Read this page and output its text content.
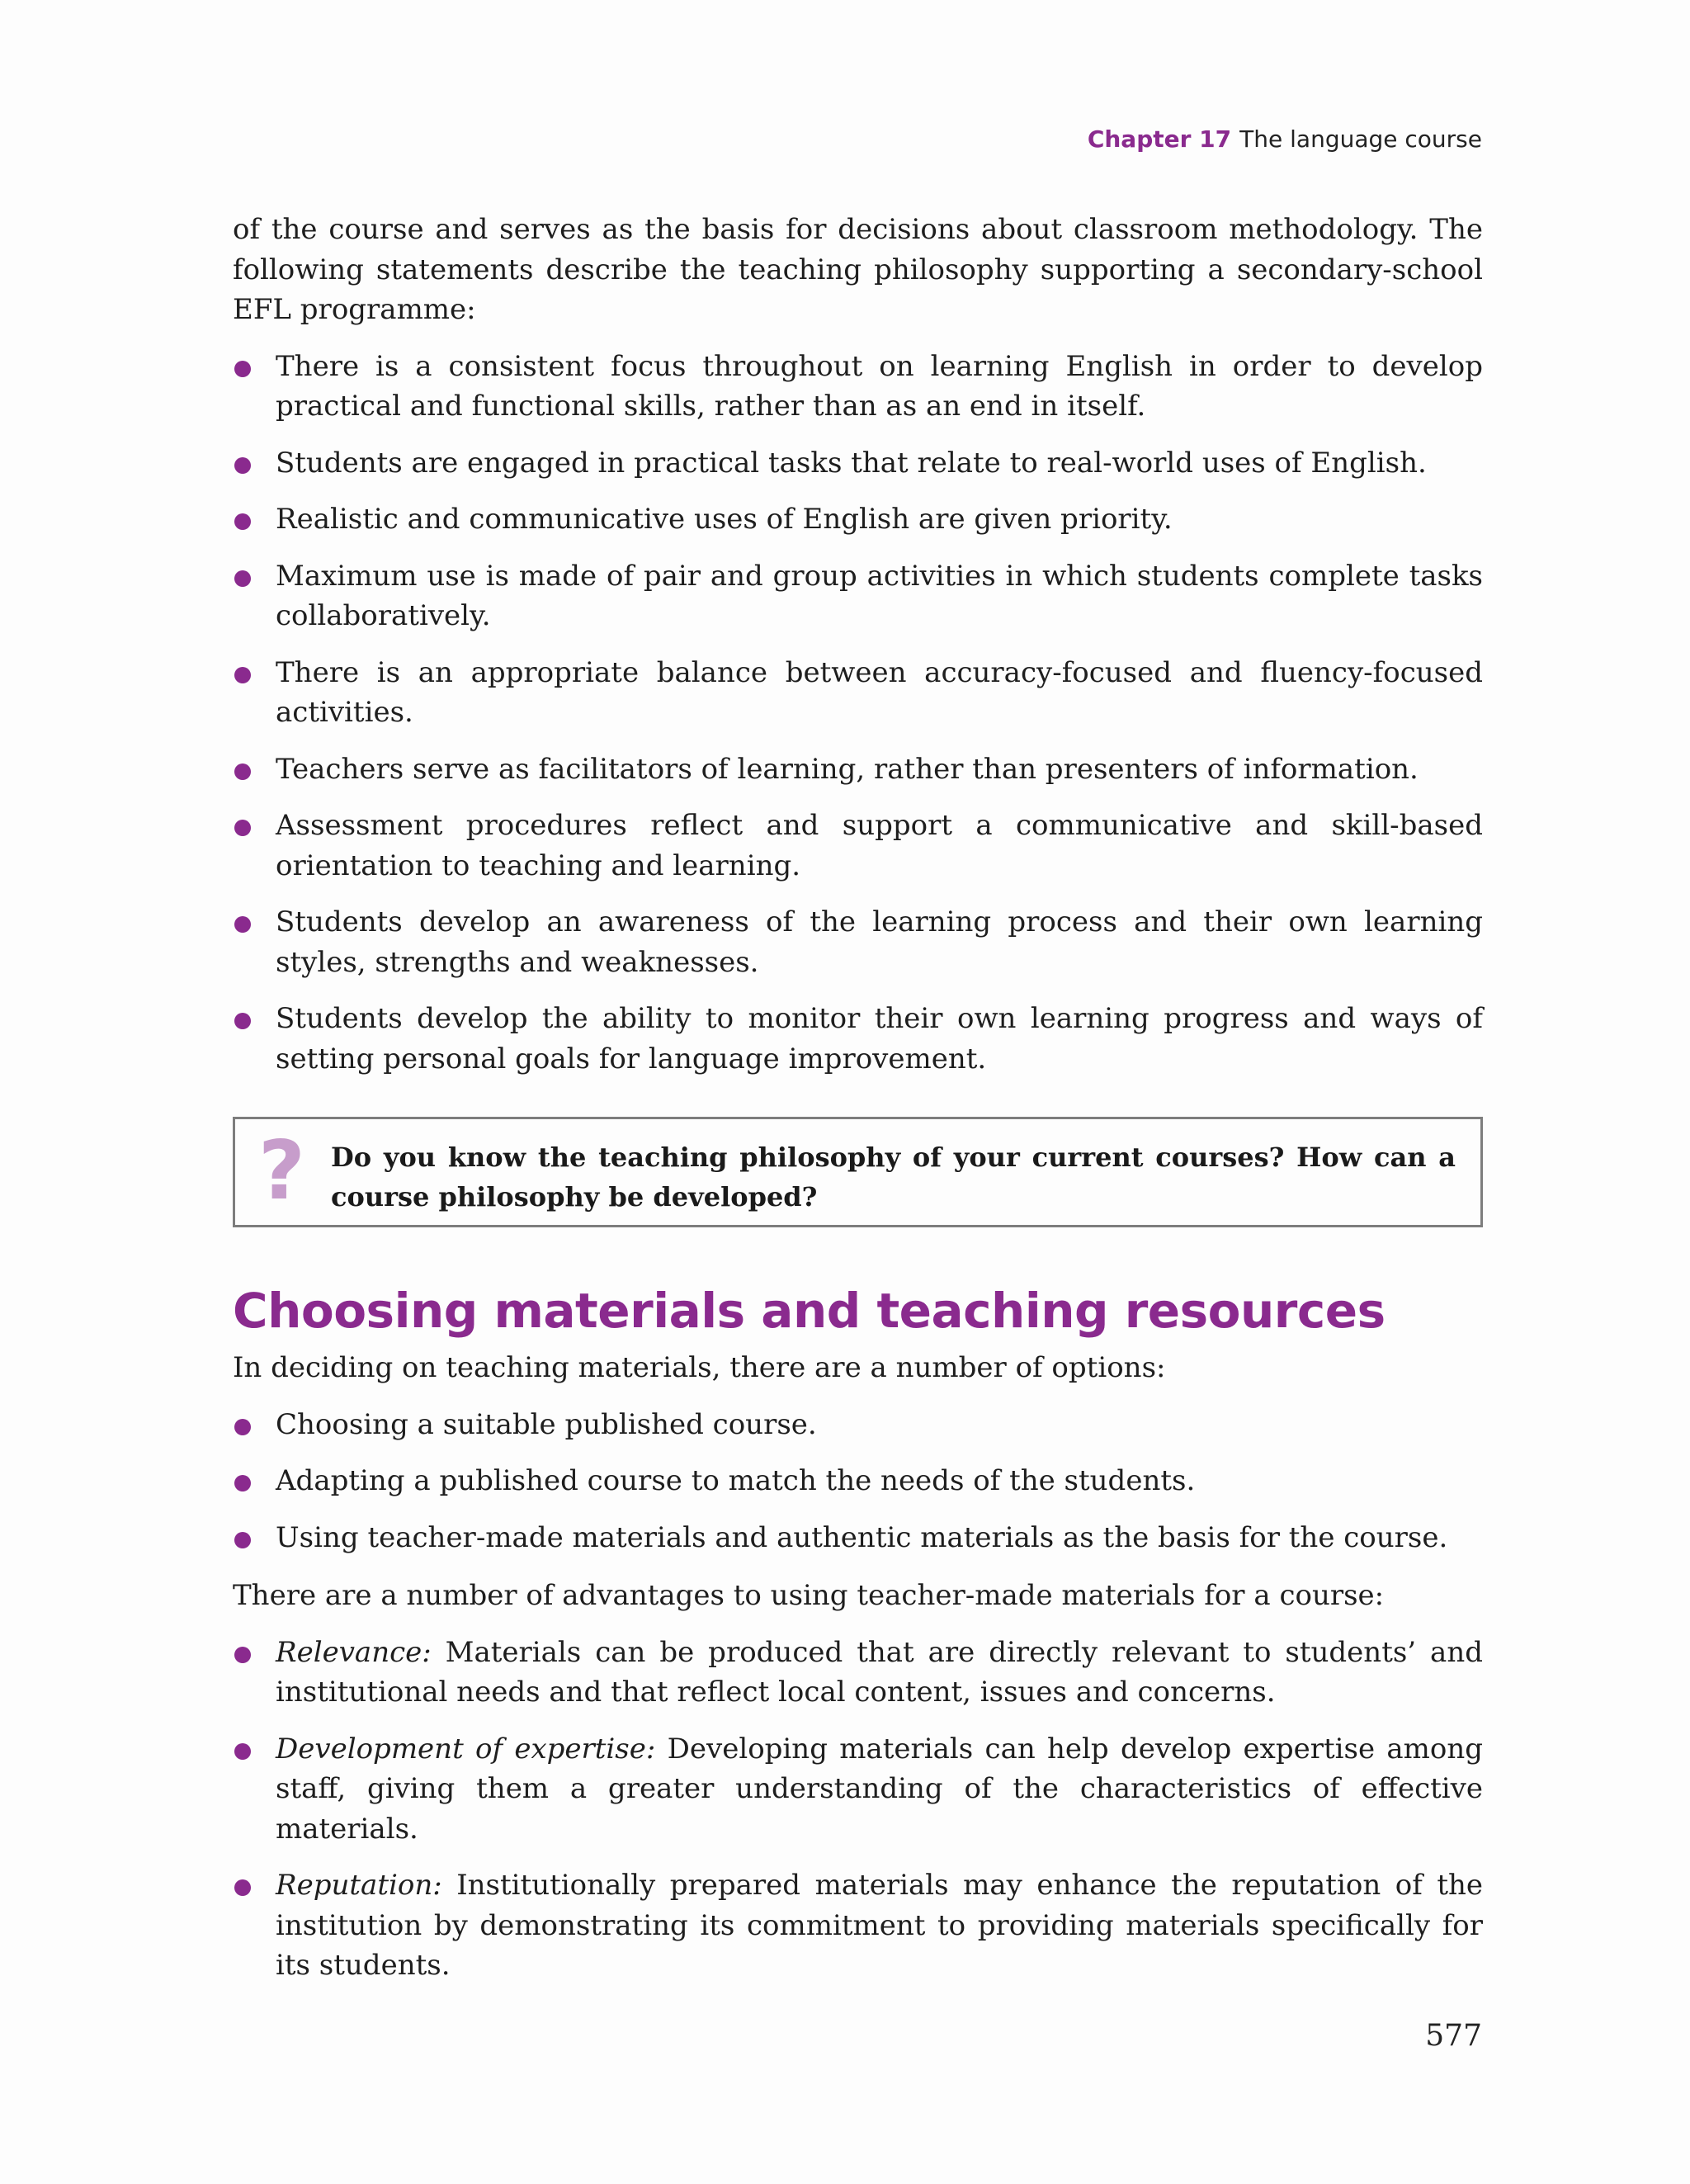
Chapter 17 The language course

of the course and serves as the basis for decisions about classroom methodology. The following statements describe the teaching philosophy supporting a secondary-school EFL programme:

There is a consistent focus throughout on learning English in order to develop practical and functional skills, rather than as an end in itself.
Students are engaged in practical tasks that relate to real-world uses of English.
Realistic and communicative uses of English are given priority.
Maximum use is made of pair and group activities in which students complete tasks collaboratively.
There is an appropriate balance between accuracy-focused and fluency-focused activities.
Teachers serve as facilitators of learning, rather than presenters of information.
Assessment procedures reflect and support a communicative and skill-based orientation to teaching and learning.
Students develop an awareness of the learning process and their own learning styles, strengths and weaknesses.
Students develop the ability to monitor their own learning progress and ways of setting personal goals for language improvement.
? Do you know the teaching philosophy of your current courses? How can a course philosophy be developed?
Choosing materials and teaching resources

In deciding on teaching materials, there are a number of options:

Choosing a suitable published course.
Adapting a published course to match the needs of the students.
Using teacher-made materials and authentic materials as the basis for the course.

There are a number of advantages to using teacher-made materials for a course:

Relevance: Materials can be produced that are directly relevant to students’ and institutional needs and that reflect local content, issues and concerns.
Development of expertise: Developing materials can help develop expertise among staff, giving them a greater understanding of the characteristics of effective materials.
Reputation: Institutionally prepared materials may enhance the reputation of the institution by demonstrating its commitment to providing materials specifically for its students.
577
